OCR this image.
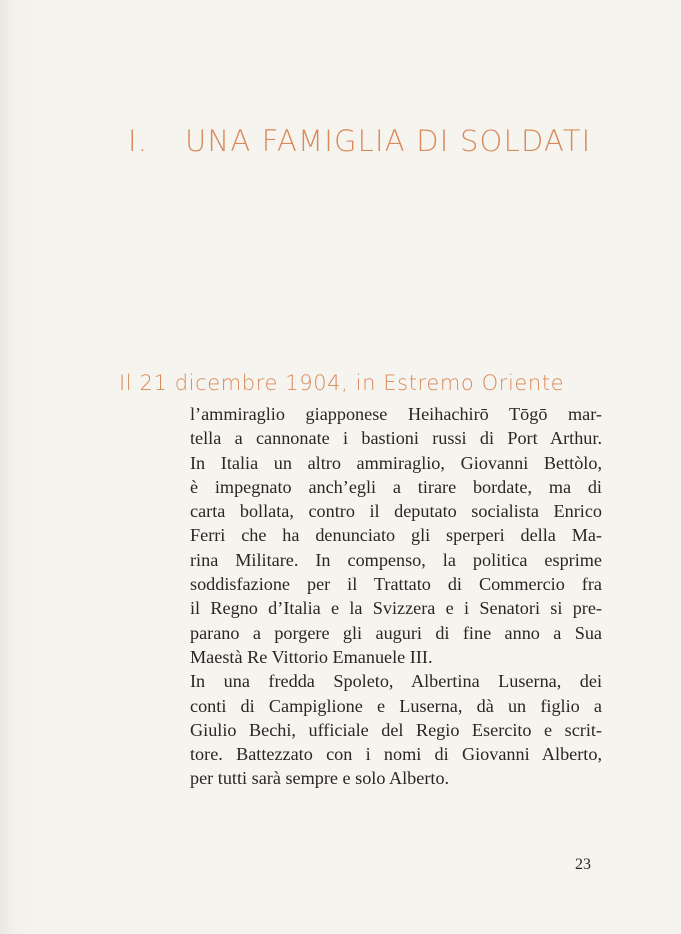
I. UNA FAMIGLIA DI SOLDATI
Il 21 dicembre 1904, in Estremo Oriente
l’ammiraglio giapponese Heihachirō Tōgō mar-
tella a cannonate i bastioni russi di Port Arthur.
In Italia un altro ammiraglio, Giovanni Bettòlo,
è impegnato anch’egli a tirare bordate, ma di
carta bollata, contro il deputato socialista Enrico
Ferri che ha denunciato gli sperperi della Ma-
rina Militare. In compenso, la politica esprime
soddisfazione per il Trattato di Commercio fra
il Regno d’Italia e la Svizzera e i Senatori si pre-
parano a porgere gli auguri di fine anno a Sua
Maestà Re Vittorio Emanuele III.
In una fredda Spoleto, Albertina Luserna, dei
conti di Campiglione e Luserna, dà un figlio a
Giulio Bechi, ufficiale del Regio Esercito e scrit-
tore. Battezzato con i nomi di Giovanni Alberto,
per tutti sarà sempre e solo Alberto.
23
